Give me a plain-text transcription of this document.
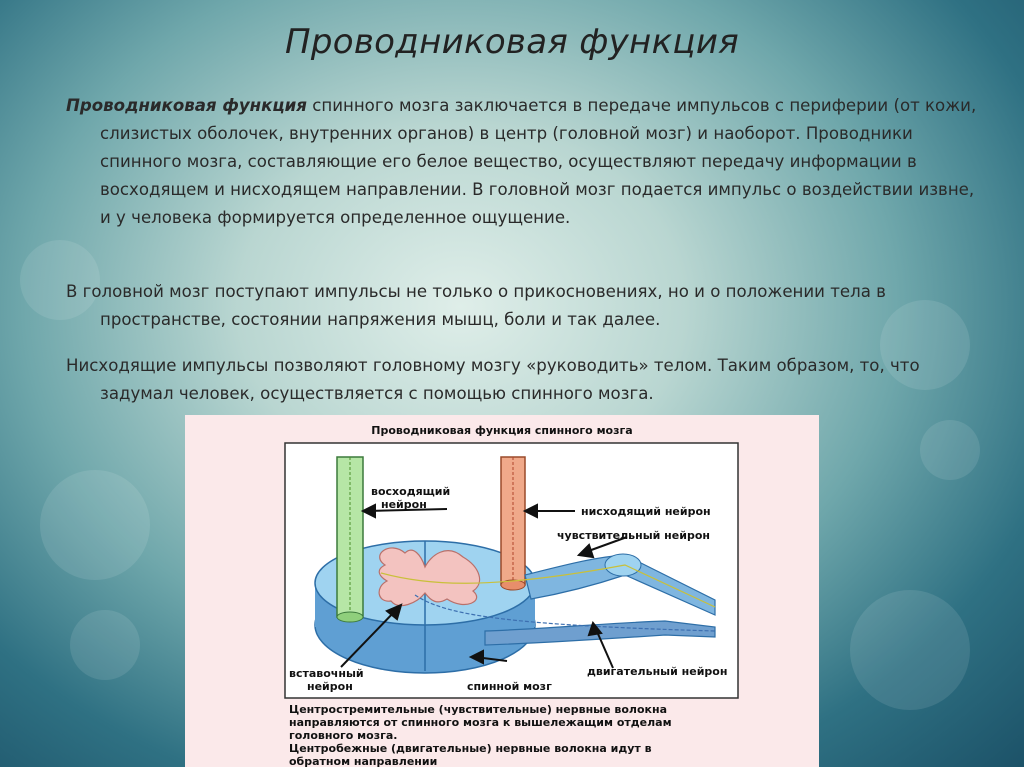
Проводниковая функция
Проводниковая функция спинного мозга заключается в передаче импульсов с периферии (от кожи, слизистых оболочек, внутренних органов) в центр (головной мозг) и наоборот. Проводники спинного мозга, составляющие его белое вещество, осуществляют передачу информации в восходящем и нисходящем направлении. В головной мозг подается импульс о воздействии извне, и у человека формируется определенное ощущение.
В головной мозг поступают импульсы не только о прикосновениях, но и о положении тела в пространстве, состоянии напряжения мышц, боли и так далее.
Нисходящие импульсы позволяют головному мозгу «руководить» телом. Таким образом, то, что задумал человек, осуществляется с помощью спинного мозга.
Проводниковая функция спинного мозга
восходящий
нейрон
нисходящий нейрон
чувствительный нейрон
вставочный
нейрон	спинной мозг
двигательный нейрон
Центростремительные (чувствительные) нервные волокна
направляются от спинного мозга к вышележащим отделам
головного мозга.
Центробежные (двигательные) нервные волокна идут в
обратном направлении
